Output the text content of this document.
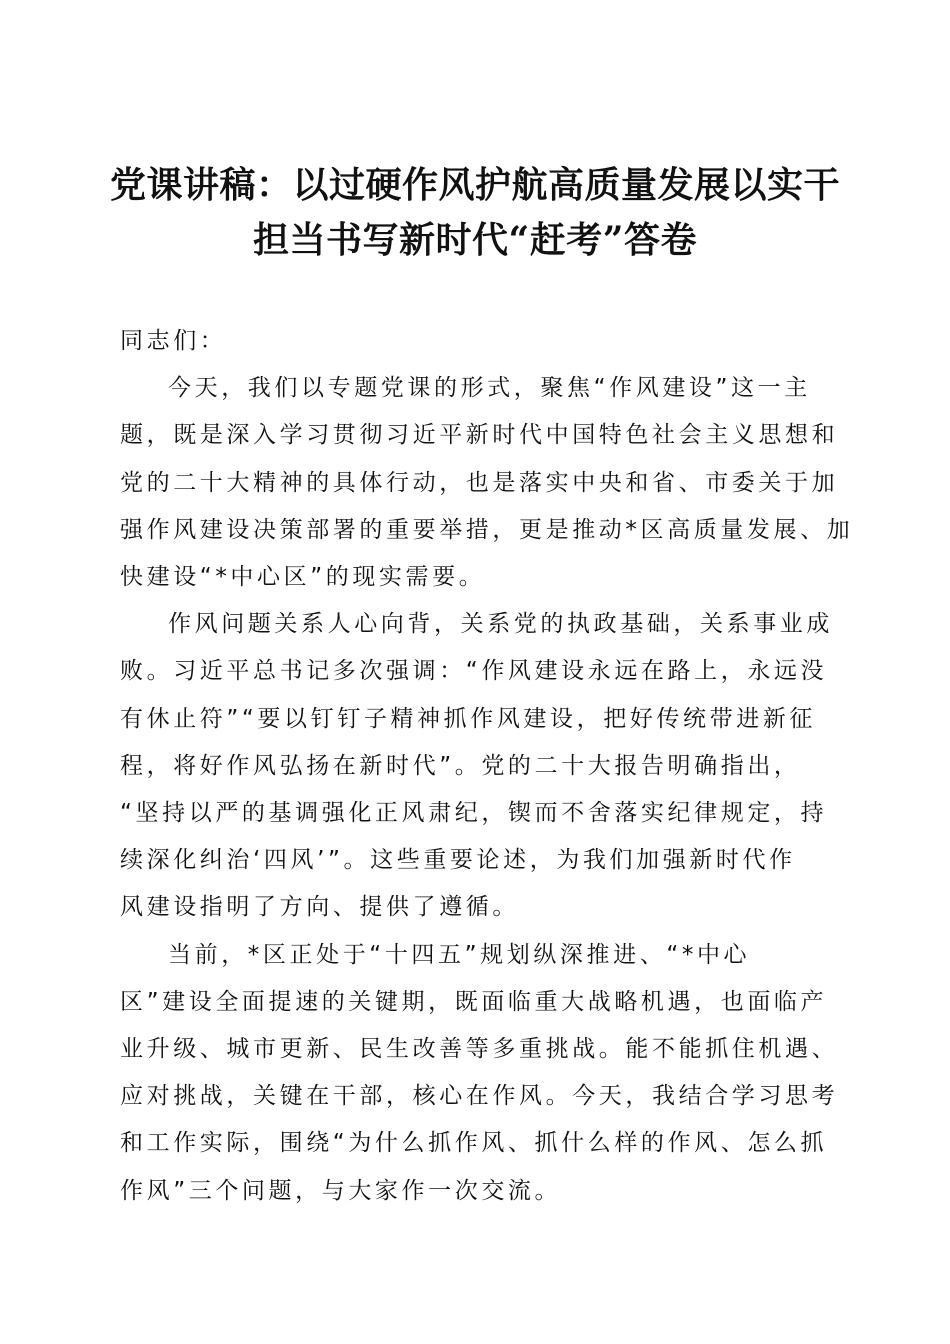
党课讲稿：以过硬作风护航高质量发展以实干
担当书写新时代“赶考”答卷

同志们：

今天，我们以专题党课的形式，聚焦“作风建设”这一主
题，既是深入学习贯彻习近平新时代中国特色社会主义思想和
党的二十大精神的具体行动，也是落实中央和省、市委关于加
强作风建设决策部署的重要举措，更是推动*区高质量发展、加
快建设“*中心区”的现实需要。

作风问题关系人心向背，关系党的执政基础，关系事业成
败。习近平总书记多次强调：“作风建设永远在路上，永远没
有休止符”“要以钉钉子精神抓作风建设，把好传统带进新征
程，将好作风弘扬在新时代”。党的二十大报告明确指出，
“坚持以严的基调强化正风肃纪，锲而不舍落实纪律规定，持
续深化纠治‘四风’”。这些重要论述，为我们加强新时代作
风建设指明了方向、提供了遵循。

当前，*区正处于“十四五”规划纵深推进、“*中心
区”建设全面提速的关键期，既面临重大战略机遇，也面临产
业升级、城市更新、民生改善等多重挑战。能不能抓住机遇、
应对挑战，关键在干部，核心在作风。今天，我结合学习思考
和工作实际，围绕“为什么抓作风、抓什么样的作风、怎么抓
作风”三个问题，与大家作一次交流。
